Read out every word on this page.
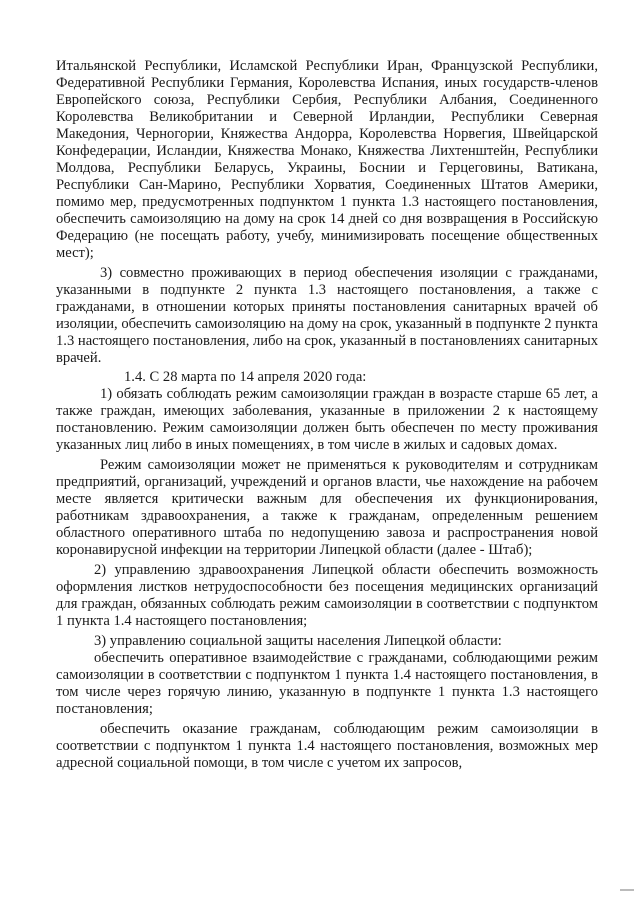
Итальянской Республики, Исламской Республики Иран, Французской Республики, Федеративной Республики Германия, Королевства Испания, иных государств-членов Европейского союза, Республики Сербия, Республики Албания, Соединенного Королевства Великобритании и Северной Ирландии, Республики Северная Македония, Черногории, Княжества Андорра, Королевства Норвегия, Швейцарской Конфедерации, Исландии, Княжества Монако, Княжества Лихтенштейн, Республики Молдова, Республики Беларусь, Украины, Боснии и Герцеговины, Ватикана, Республики Сан-Марино, Республики Хорватия, Соединенных Штатов Америки, помимо мер, предусмотренных подпунктом 1 пункта 1.3 настоящего постановления, обеспечить самоизоляцию на дому на срок 14 дней со дня возвращения в Российскую Федерацию (не посещать работу, учебу, минимизировать посещение общественных мест);

3) совместно проживающих в период обеспечения изоляции с гражданами, указанными в подпункте 2 пункта 1.3 настоящего постановления, а также с гражданами, в отношении которых приняты постановления санитарных врачей об изоляции, обеспечить самоизоляцию на дому на срок, указанный в подпункте 2 пункта 1.3 настоящего постановления, либо на срок, указанный в постановлениях санитарных врачей.

1.4. С 28 марта по 14 апреля 2020 года:

1) обязать соблюдать режим самоизоляции граждан в возрасте старше 65 лет, а также граждан, имеющих заболевания, указанные в приложении 2 к настоящему постановлению. Режим самоизоляции должен быть обеспечен по месту проживания указанных лиц либо в иных помещениях, в том числе в жилых и садовых домах.

Режим самоизоляции может не применяться к руководителям и сотрудникам предприятий, организаций, учреждений и органов власти, чье нахождение на рабочем месте является критически важным для обеспечения их функционирования, работникам здравоохранения, а также к гражданам, определенным решением областного оперативного штаба по недопущению завоза и распространения новой коронавирусной инфекции на территории Липецкой области (далее - Штаб);

2) управлению здравоохранения Липецкой области обеспечить возможность оформления листков нетрудоспособности без посещения медицинских организаций для граждан, обязанных соблюдать режим самоизоляции в соответствии с подпунктом 1 пункта 1.4 настоящего постановления;

3) управлению социальной защиты населения Липецкой области:

обеспечить оперативное взаимодействие с гражданами, соблюдающими режим самоизоляции в соответствии с подпунктом 1 пункта 1.4 настоящего постановления, в том числе через горячую линию, указанную в подпункте 1 пункта 1.3 настоящего постановления;

обеспечить оказание гражданам, соблюдающим режим самоизоляции в соответствии с подпунктом 1 пункта 1.4 настоящего постановления, возможных мер адресной социальной помощи, в том числе с учетом их запросов,
